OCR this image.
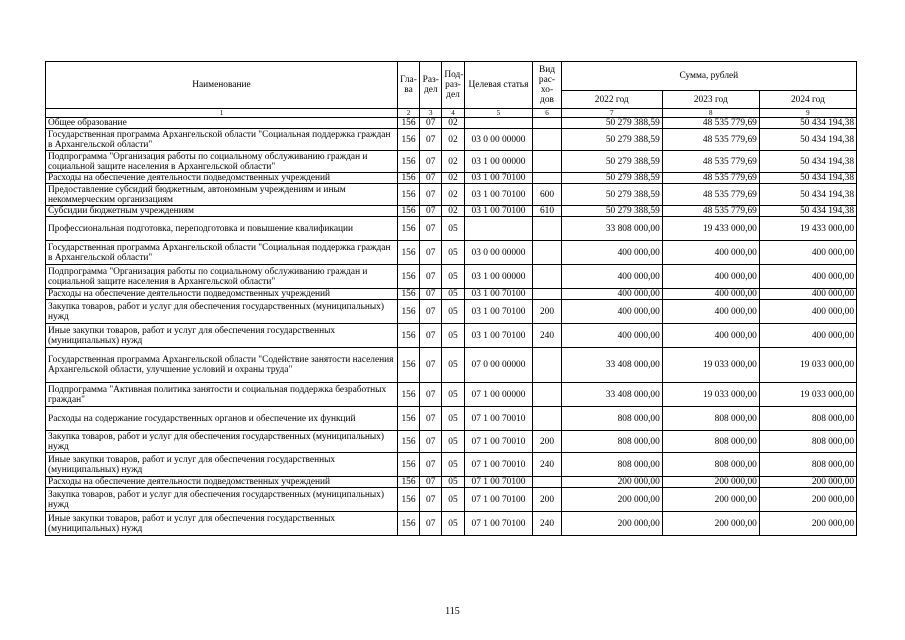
Наименование	Гла-ва	Раз-дел	Под-раз-дел	Целевая статья	Вид рас-хо-дов	Сумма, рублей		
						2022 год	2023 год	2024 год
1	2	3	4	5	6	7	8	9
Общее образование	156	07	02			50 279 388,59	48 535 779,69	50 434 194,38
Государственная программа Архангельской области "Социальная поддержка граждан в Архангельской области"	156	07	02	03 0 00 00000		50 279 388,59	48 535 779,69	50 434 194,38
Подпрограмма "Организация работы по социальному обслуживанию граждан и социальной защите населения в Архангельской области"	156	07	02	03 1 00 00000		50 279 388,59	48 535 779,69	50 434 194,38
Расходы на обеспечение деятельности подведомственных учреждений	156	07	02	03 1 00 70100		50 279 388,59	48 535 779,69	50 434 194,38
Предоставление субсидий бюджетным, автономным учреждениям и иным некоммерческим организациям	156	07	02	03 1 00 70100	600	50 279 388,59	48 535 779,69	50 434 194,38
Субсидии бюджетным учреждениям	156	07	02	03 1 00 70100	610	50 279 388,59	48 535 779,69	50 434 194,38
Профессиональная подготовка, переподготовка и повышение квалификации	156	07	05			33 808 000,00	19 433 000,00	19 433 000,00
Государственная программа Архангельской области "Социальная поддержка граждан в Архангельской области"	156	07	05	03 0 00 00000		400 000,00	400 000,00	400 000,00
Подпрограмма "Организация работы по социальному обслуживанию граждан и социальной защите населения в Архангельской области"	156	07	05	03 1 00 00000		400 000,00	400 000,00	400 000,00
Расходы на обеспечение деятельности подведомственных учреждений	156	07	05	03 1 00 70100		400 000,00	400 000,00	400 000,00
Закупка товаров, работ и услуг для обеспечения государственных (муниципальных) нужд	156	07	05	03 1 00 70100	200	400 000,00	400 000,00	400 000,00
Иные закупки товаров, работ и услуг для обеспечения государственных (муниципальных) нужд	156	07	05	03 1 00 70100	240	400 000,00	400 000,00	400 000,00
Государственная программа Архангельской области "Содействие занятости населения Архангельской области, улучшение условий и охраны труда"	156	07	05	07 0 00 00000		33 408 000,00	19 033 000,00	19 033 000,00
Подпрограмма "Активная политика занятости и социальная поддержка безработных граждан"	156	07	05	07 1 00 00000		33 408 000,00	19 033 000,00	19 033 000,00
Расходы на содержание государственных органов и обеспечение их функций	156	07	05	07 1 00 70010		808 000,00	808 000,00	808 000,00
Закупка товаров, работ и услуг для обеспечения государственных (муниципальных) нужд	156	07	05	07 1 00 70010	200	808 000,00	808 000,00	808 000,00
Иные закупки товаров, работ и услуг для обеспечения государственных (муниципальных) нужд	156	07	05	07 1 00 70010	240	808 000,00	808 000,00	808 000,00
Расходы на обеспечение деятельности подведомственных учреждений	156	07	05	07 1 00 70100		200 000,00	200 000,00	200 000,00
Закупка товаров, работ и услуг для обеспечения государственных (муниципальных) нужд	156	07	05	07 1 00 70100	200	200 000,00	200 000,00	200 000,00
Иные закупки товаров, работ и услуг для обеспечения государственных (муниципальных) нужд	156	07	05	07 1 00 70100	240	200 000,00	200 000,00	200 000,00
115
